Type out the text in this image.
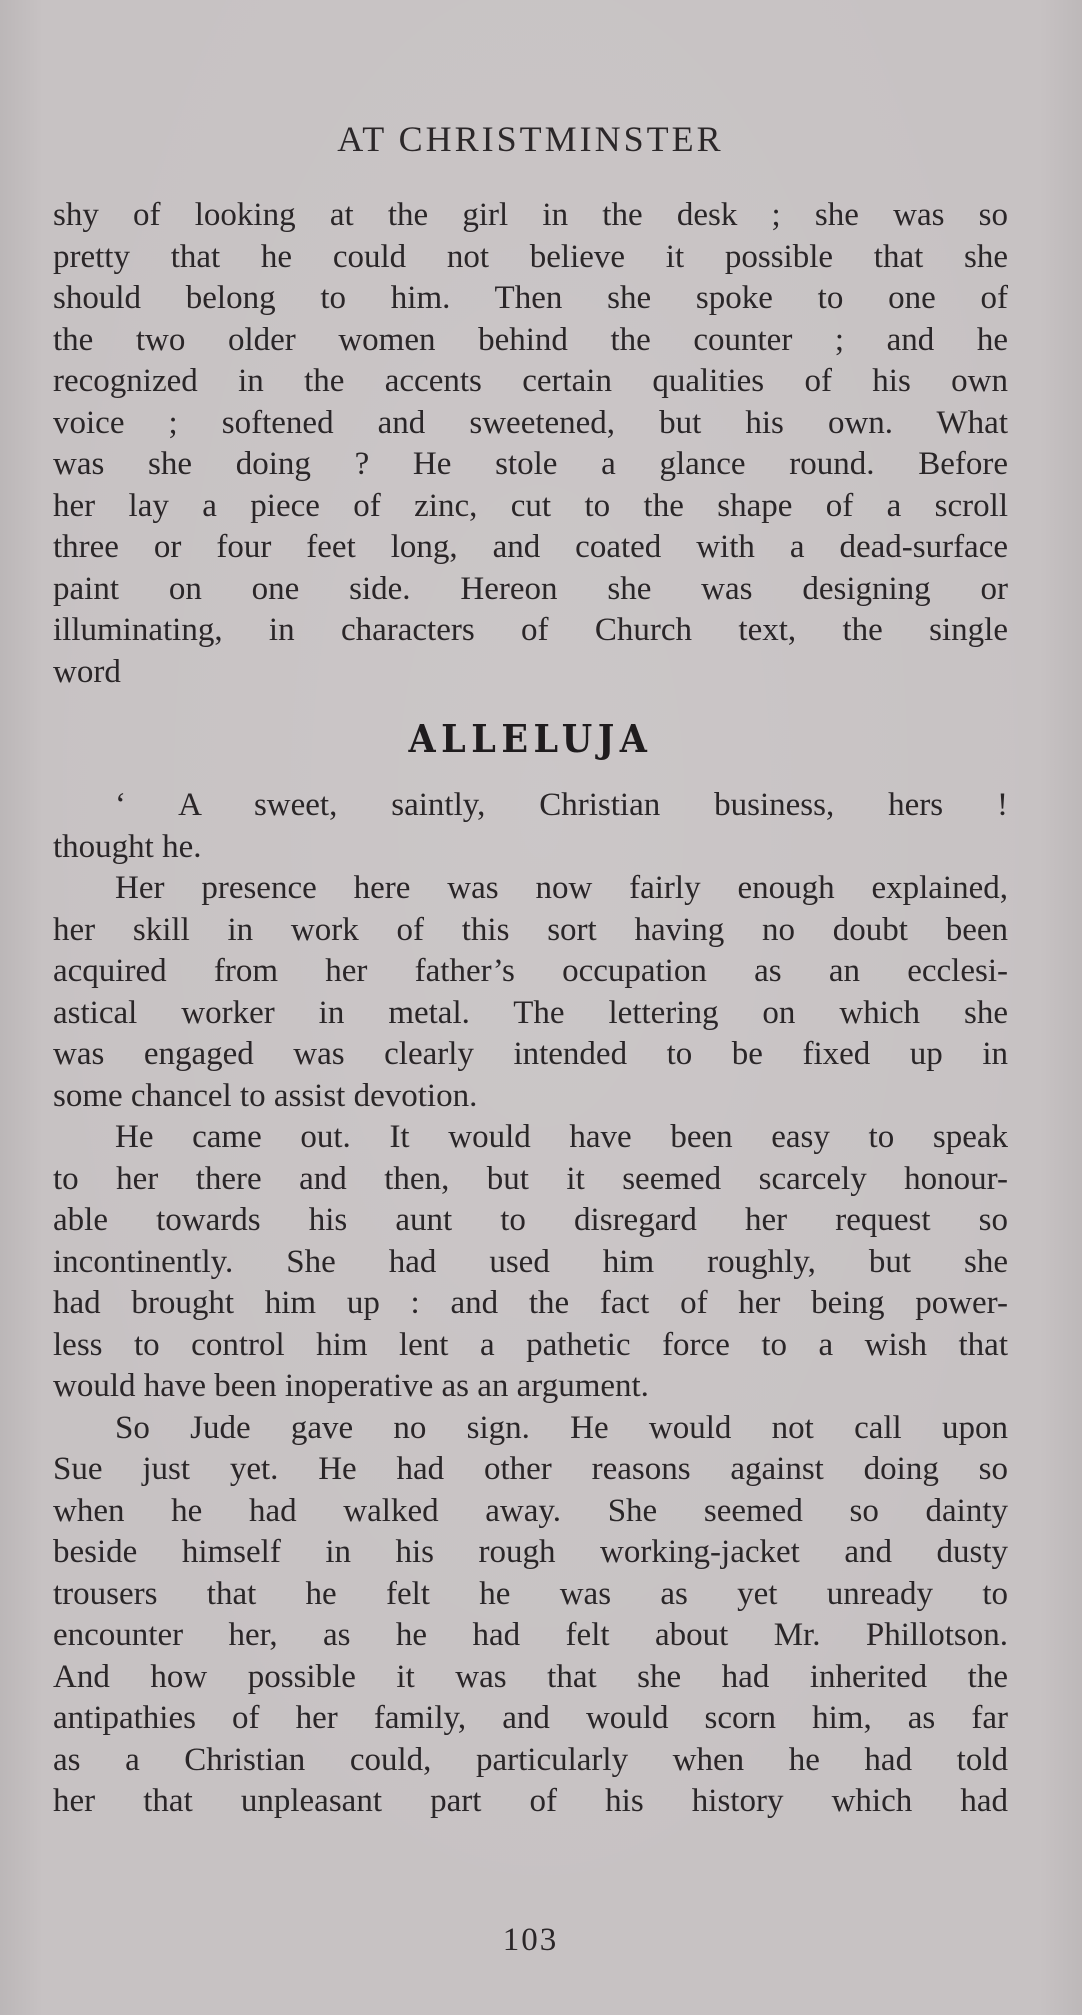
AT CHRISTMINSTER
shy of looking at the girl in the desk ; she was so
pretty that he could not believe it possible that she
should belong to him. Then she spoke to one of
the two older women behind the counter ; and he
recognized in the accents certain qualities of his own
voice ; softened and sweetened, but his own. What
was she doing ? He stole a glance round. Before
her lay a piece of zinc, cut to the shape of a scroll
three or four feet long, and coated with a dead-surface
paint on one side. Hereon she was designing or
illuminating, in characters of Church text, the single
word
ALLELUJA
‘ A sweet, saintly, Christian business, hers !
thought he.
Her presence here was now fairly enough explained,
her skill in work of this sort having no doubt been
acquired from her father’s occupation as an ecclesi-
astical worker in metal. The lettering on which she
was engaged was clearly intended to be fixed up in
some chancel to assist devotion.
He came out. It would have been easy to speak
to her there and then, but it seemed scarcely honour-
able towards his aunt to disregard her request so
incontinently. She had used him roughly, but she
had brought him up : and the fact of her being power-
less to control him lent a pathetic force to a wish that
would have been inoperative as an argument.
So Jude gave no sign. He would not call upon
Sue just yet. He had other reasons against doing so
when he had walked away. She seemed so dainty
beside himself in his rough working-jacket and dusty
trousers that he felt he was as yet unready to
encounter her, as he had felt about Mr. Phillotson.
And how possible it was that she had inherited the
antipathies of her family, and would scorn him, as far
as a Christian could, particularly when he had told
her that unpleasant part of his history which had
103
